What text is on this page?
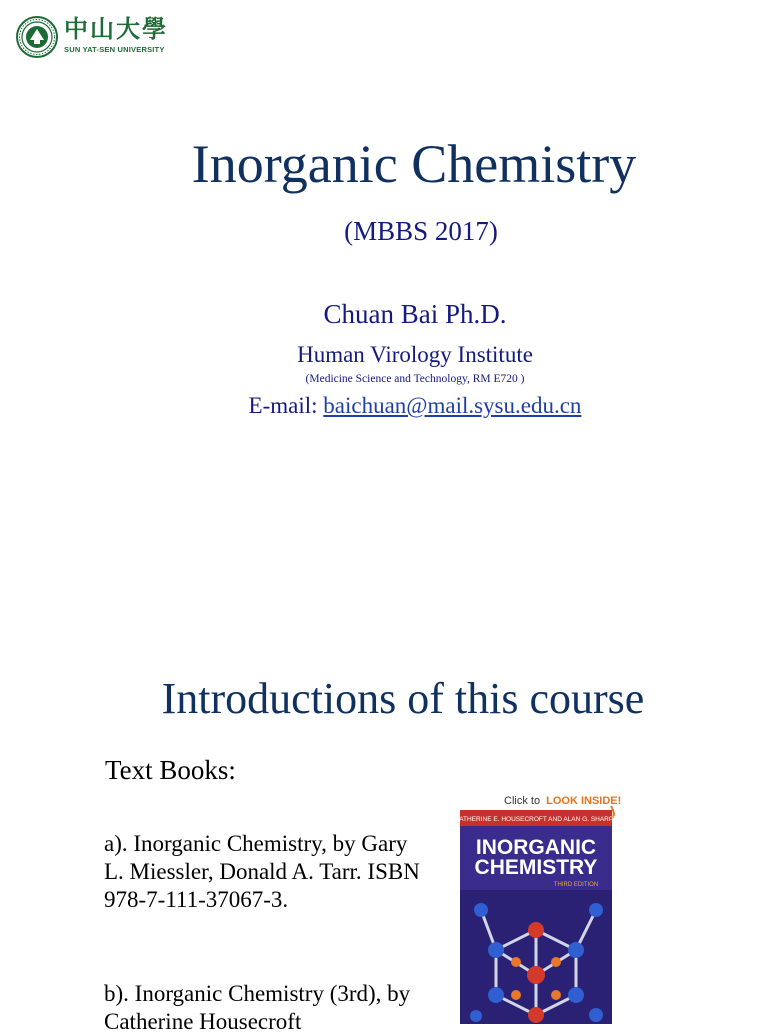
中山大學
SUN YAT-SEN UNIVERSITY
Inorganic Chemistry
(MBBS 2017)
Chuan Bai Ph.D.
Human Virology Institute
(Medicine Science and Technology, RM E720 )
E-mail: baichuan@mail.sysu.edu.cn
Introductions of this course
Text Books:
a). Inorganic Chemistry, by Gary L. Miessler, Donald A. Tarr. ISBN 978-7-111-37067-3.
b). Inorganic Chemistry (3rd), by Catherine Housecroft
Click to LOOK INSIDE!
CATHERINE E. HOUSECROFT AND ALAN G. SHARPE
INORGANIC
CHEMISTRY
THIRD EDITION
